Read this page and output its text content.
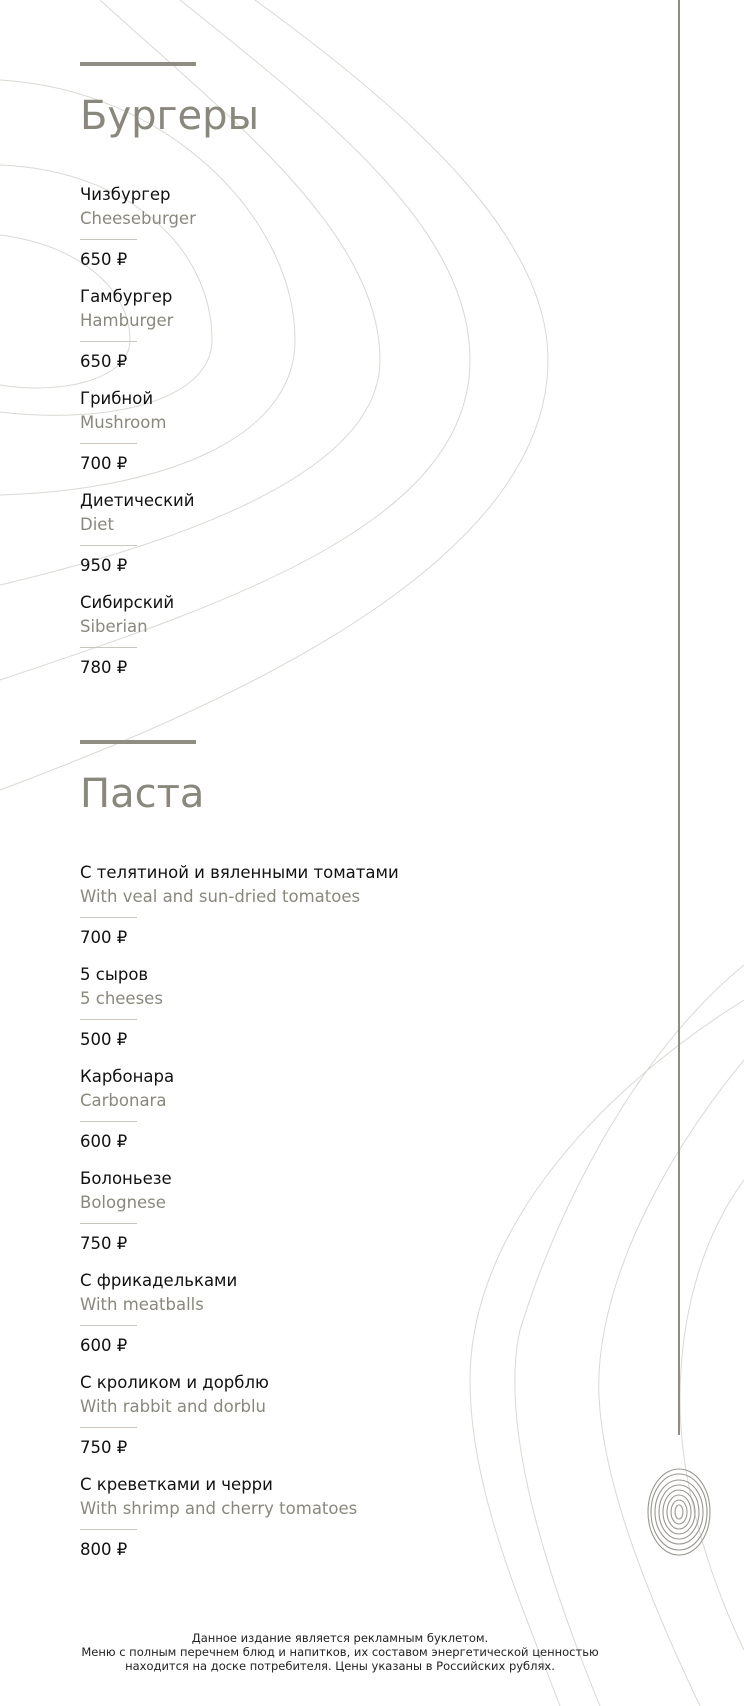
Бургеры
Чизбургер
Cheeseburger
650 ₽
Гамбургер
Hamburger
650 ₽
Грибной
Mushroom
700 ₽
Диетический
Diet
950 ₽
Сибирский
Siberian
780 ₽
Паста
С телятиной и вяленными томатами
With veal and sun-dried tomatoes
700 ₽
5 сыров
5 cheeses
500 ₽
Карбонара
Carbonara
600 ₽
Болоньезе
Bolognese
750 ₽
С фрикадельками
With meatballs
600 ₽
С кроликом и дорблю
With rabbit and dorblu
750 ₽
С креветками и черри
With shrimp and cherry tomatoes
800 ₽
Данное издание является рекламным буклетом.
Меню с полным перечнем блюд и напитков, их составом энергетической ценностью
находится на доске потребителя. Цены указаны в Российских рублях.
